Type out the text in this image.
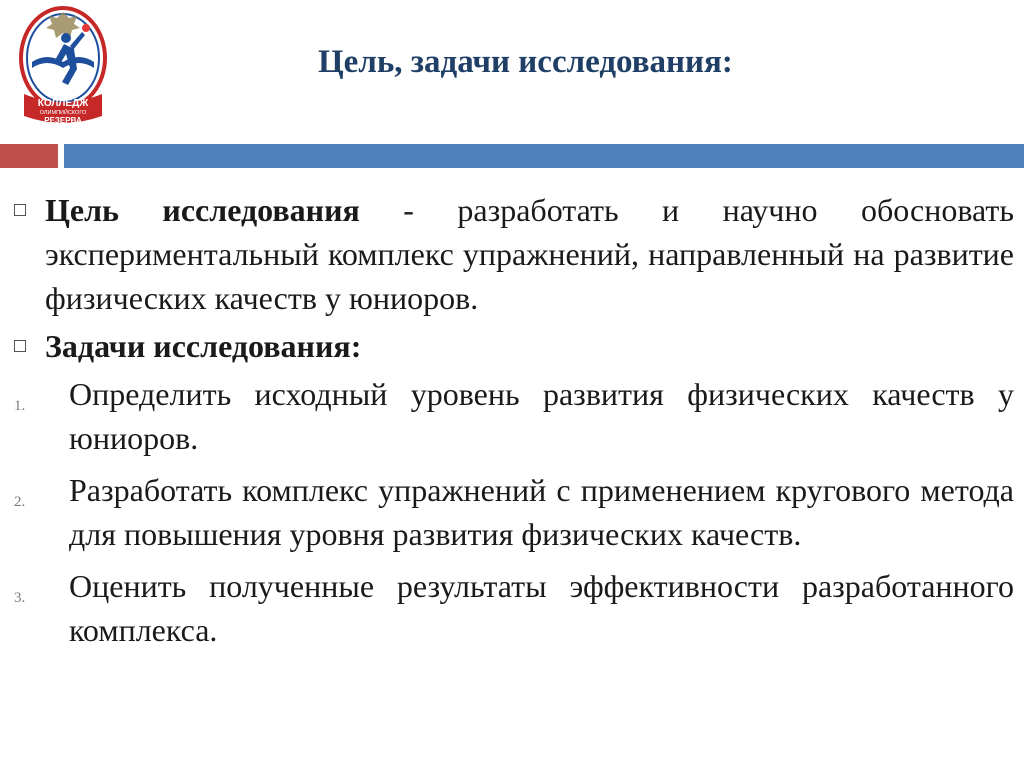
КОЛЛЕДЖ
ОЛИМПИЙСКОГО
РЕЗЕРВА
Цель, задачи исследования:
Цель исследования - разработать и научно обосновать экспериментальный комплекс упражнений, направленный на развитие физических качеств у юниоров.
Задачи исследования:
1. Определить исходный уровень развития физических качеств у юниоров.
2. Разработать комплекс упражнений с применением кругового метода для повышения уровня развития физических качеств.
3. Оценить полученные результаты эффективности разработанного комплекса.
